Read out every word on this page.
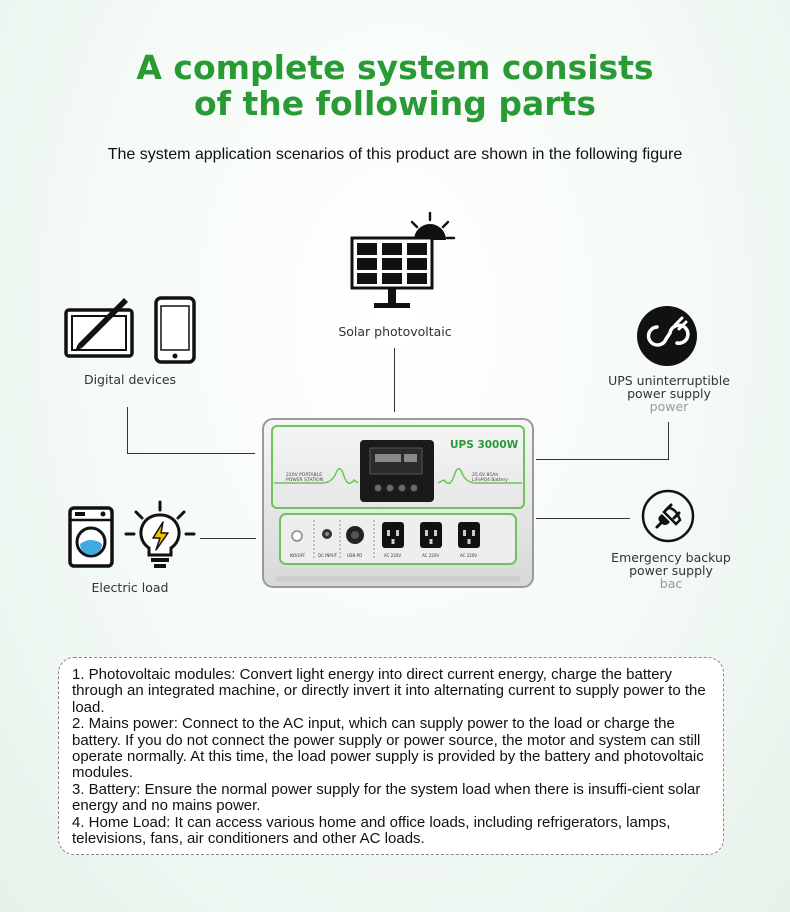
A complete system consists
of the following parts
The system application scenarios of this product are shown in the following figure
Solar photovoltaic
Digital devices	UPS uninterruptible
power supply
power
Electric load
Emergency backup
power supply
bac
UPS 3000W
220V PORTABLE
POWER STATION
25.6V 85Ah
LiFePO4 Battery
NO/OFF	DC INPUT USB-PD	AC 220V	AC 220V	AC 220V

1. Photovoltaic modules: Convert light energy into direct current energy, charge the battery through an integrated machine, or directly invert it into alternating current to supply power to the load.

2. Mains power: Connect to the AC input, which can supply power to the load or charge the battery. If you do not connect the power supply or power source, the motor and system can still operate normally. At this time, the load power supply is provided by the battery and photovoltaic modules.

3. Battery: Ensure the normal power supply for the system load when there is insuffi-cient solar energy and no mains power.

4. Home Load: It can access various home and office loads, including refrigerators, lamps, televisions, fans, air conditioners and other AC loads.
